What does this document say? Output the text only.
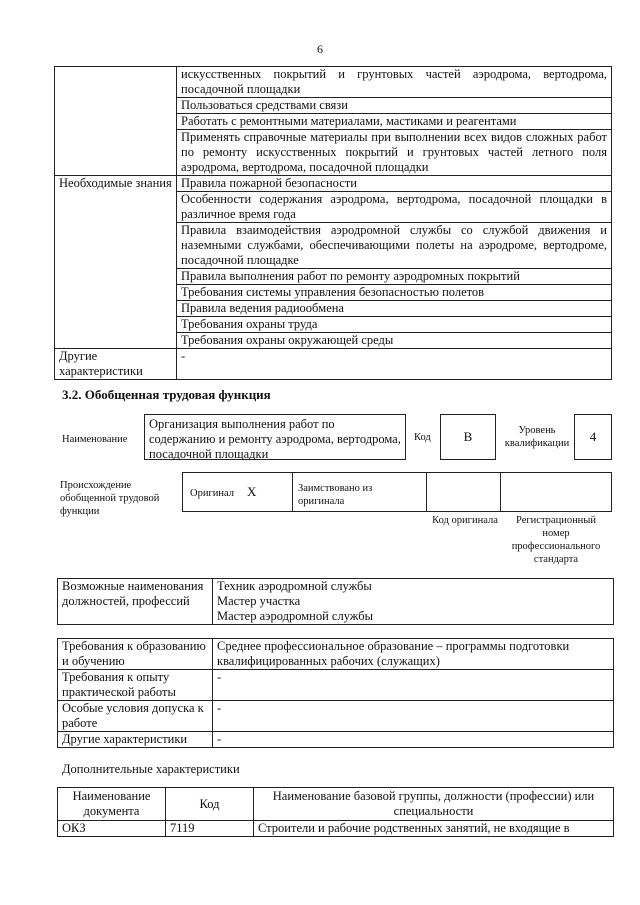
6
	искусственных покрытий и грунтовых частей аэродрома, вертодрома, посадочной площадки
	Пользоваться средствами связи
	Работать с ремонтными материалами, мастиками и реагентами
	Применять справочные материалы при выполнении всех видов сложных работ по ремонту искусственных покрытий и грунтовых частей летного поля аэродрома, вертодрома, посадочной площадки
Необходимые знания	Правила пожарной безопасности
	Особенности содержания аэродрома, вертодрома, посадочной площадки в различное время года
	Правила взаимодействия аэродромной службы со службой движения и наземными службами, обеспечивающими полеты на аэродроме, вертодроме, посадочной площадке
	Правила выполнения работ по ремонту аэродромных покрытий
	Требования системы управления безопасностью полетов
	Правила ведения радиообмена
	Требования охраны труда
	Требования охраны окружающей среды
Другие характеристики	-
3.2. Обобщенная трудовая функция
Наименование
Организация выполнения работ по содержанию и ремонту аэродрома, вертодрома, посадочной площадки
Код	B	Уровень квалификации	4
Происхождение обобщенной трудовой функции
Оригинал X	Заимствовано из оригинала
Код оригинала	Регистрационный номер профессионального стандарта
Возможные наименования должностей, профессий	
Техник аэродромной службы
Мастер участка
Мастер аэродромной службы
Требования к образованию и обучению	Среднее профессиональное образование – программы подготовки квалифицированных рабочих (служащих)
Требования к опыту практической работы	-
Особые условия допуска к работе	-
Другие характеристики	-
Дополнительные характеристики
Наименование документа	Код	Наименование базовой группы, должности (профессии) или специальности
ОКЗ	7119	Строители и рабочие родственных занятий, не входящие в
